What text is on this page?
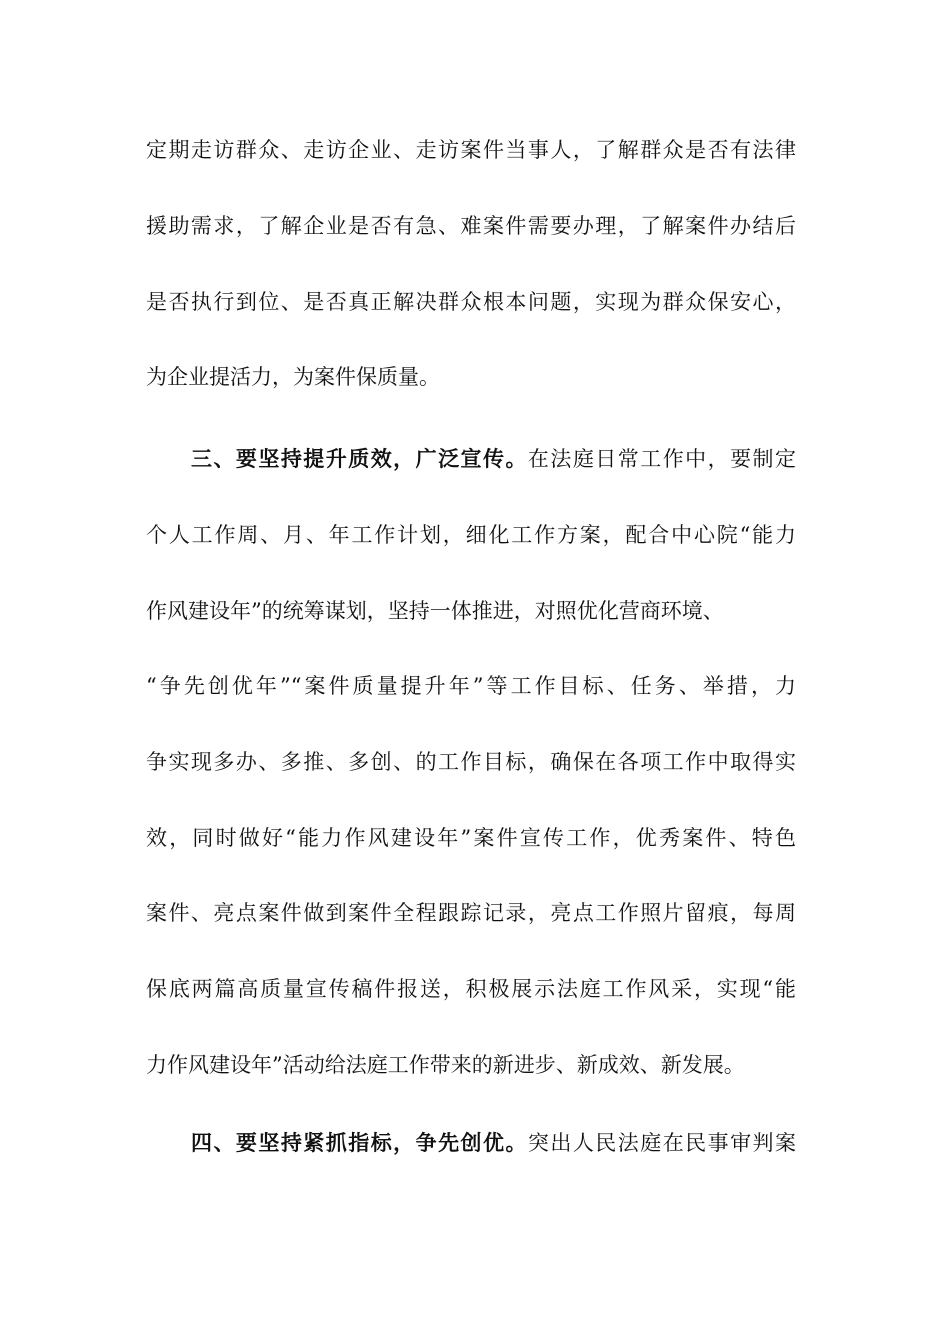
定期走访群众、走访企业、走访案件当事人，了解群众是否有法律
援助需求，了解企业是否有急、难案件需要办理，了解案件办结后
是否执行到位、是否真正解决群众根本问题，实现为群众保安心，
为企业提活力，为案件保质量。
三、要坚持提升质效，广泛宣传。在法庭日常工作中，要制定
个人工作周、月、年工作计划，细化工作方案，配合中心院“能力
作风建设年”的统筹谋划，坚持一体推进，对照优化营商环境、
“争先创优年”“案件质量提升年”等工作目标、任务、举措，力
争实现多办、多推、多创、的工作目标，确保在各项工作中取得实
效，同时做好“能力作风建设年”案件宣传工作，优秀案件、特色
案件、亮点案件做到案件全程跟踪记录，亮点工作照片留痕，每周
保底两篇高质量宣传稿件报送，积极展示法庭工作风采，实现“能
力作风建设年”活动给法庭工作带来的新进步、新成效、新发展。
四、要坚持紧抓指标，争先创优。突出人民法庭在民事审判案
